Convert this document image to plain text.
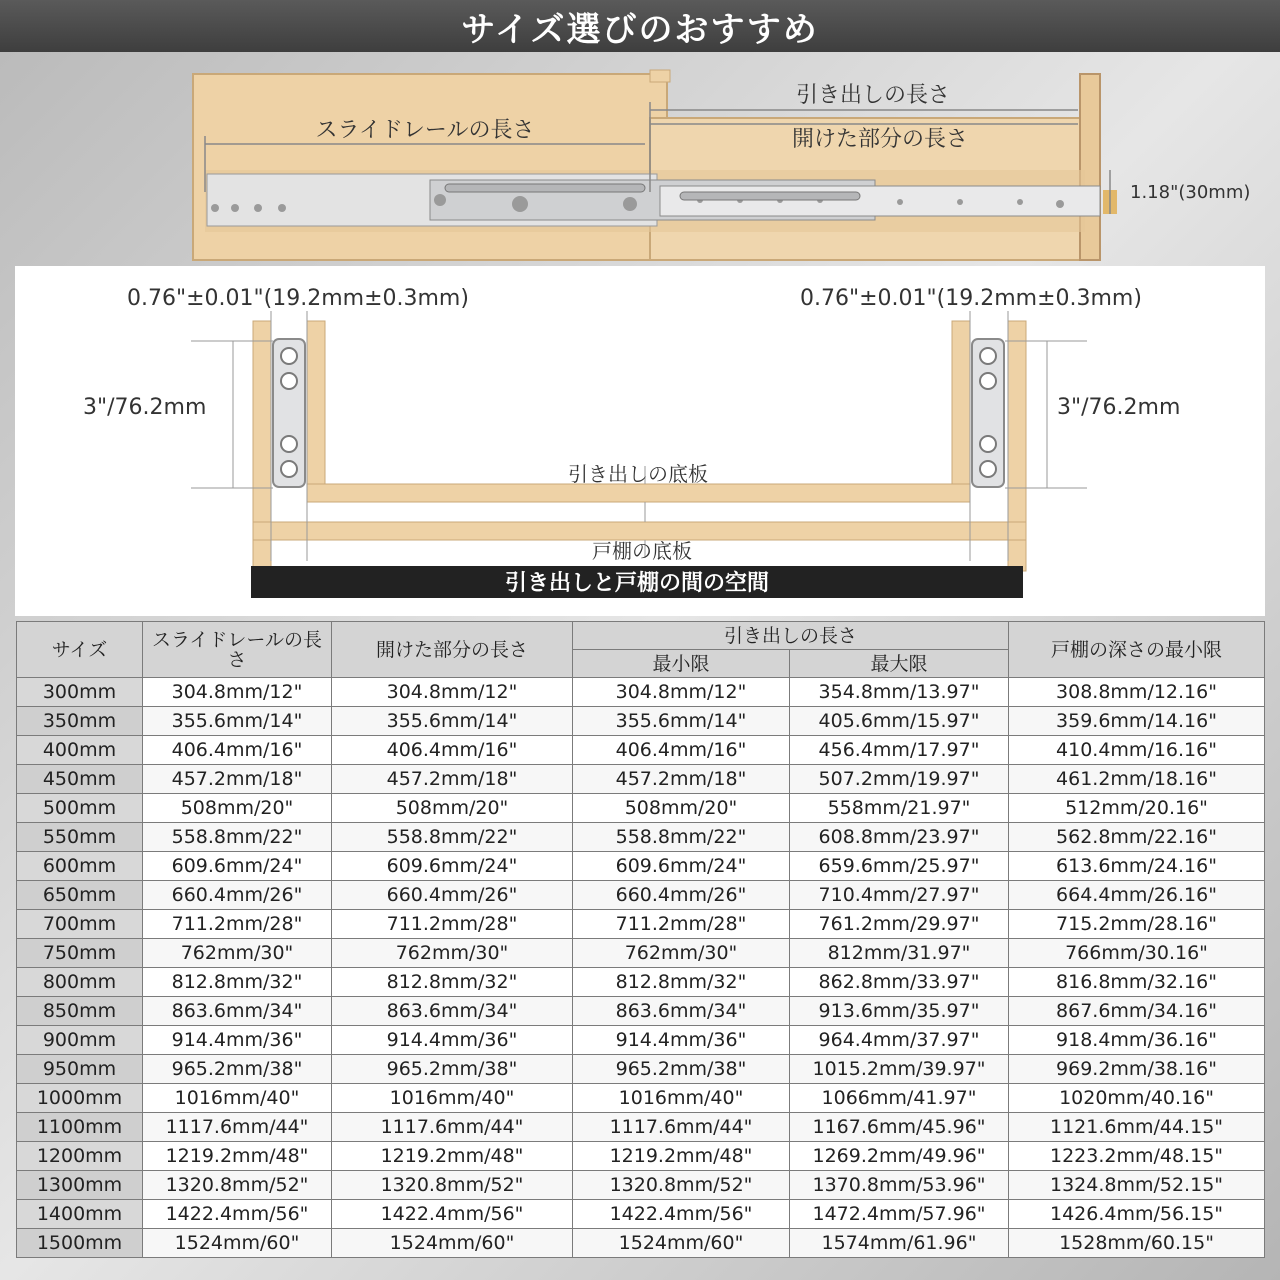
サイズ選びのおすすめ
スライドレールの長さ
引き出しの長さ
開けた部分の長さ
1.18"(30mm)
0.76"±0.01"(19.2mm±0.3mm)	0.76"±0.01"(19.2mm±0.3mm)
3"/76.2mm	3"/76.2mm
引き出しの底板
戸棚の底板
引き出しと戸棚の間の空間
サイズ	スライドレールの長さ	開けた部分の長さ	引き出しの長さ		戸棚の深さの最小限
			最小限	最大限	
300mm	304.8mm/12"	304.8mm/12"	304.8mm/12"	354.8mm/13.97"	308.8mm/12.16"
350mm	355.6mm/14"	355.6mm/14"	355.6mm/14"	405.6mm/15.97"	359.6mm/14.16"
400mm	406.4mm/16"	406.4mm/16"	406.4mm/16"	456.4mm/17.97"	410.4mm/16.16"
450mm	457.2mm/18"	457.2mm/18"	457.2mm/18"	507.2mm/19.97"	461.2mm/18.16"
500mm	508mm/20"	508mm/20"	508mm/20"	558mm/21.97"	512mm/20.16"
550mm	558.8mm/22"	558.8mm/22"	558.8mm/22"	608.8mm/23.97"	562.8mm/22.16"
600mm	609.6mm/24"	609.6mm/24"	609.6mm/24"	659.6mm/25.97"	613.6mm/24.16"
650mm	660.4mm/26"	660.4mm/26"	660.4mm/26"	710.4mm/27.97"	664.4mm/26.16"
700mm	711.2mm/28"	711.2mm/28"	711.2mm/28"	761.2mm/29.97"	715.2mm/28.16"
750mm	762mm/30"	762mm/30"	762mm/30"	812mm/31.97"	766mm/30.16"
800mm	812.8mm/32"	812.8mm/32"	812.8mm/32"	862.8mm/33.97"	816.8mm/32.16"
850mm	863.6mm/34"	863.6mm/34"	863.6mm/34"	913.6mm/35.97"	867.6mm/34.16"
900mm	914.4mm/36"	914.4mm/36"	914.4mm/36"	964.4mm/37.97"	918.4mm/36.16"
950mm	965.2mm/38"	965.2mm/38"	965.2mm/38"	1015.2mm/39.97"	969.2mm/38.16"
1000mm	1016mm/40"	1016mm/40"	1016mm/40"	1066mm/41.97"	1020mm/40.16"
1100mm	1117.6mm/44"	1117.6mm/44"	1117.6mm/44"	1167.6mm/45.96"	1121.6mm/44.15"
1200mm	1219.2mm/48"	1219.2mm/48"	1219.2mm/48"	1269.2mm/49.96"	1223.2mm/48.15"
1300mm	1320.8mm/52"	1320.8mm/52"	1320.8mm/52"	1370.8mm/53.96"	1324.8mm/52.15"
1400mm	1422.4mm/56"	1422.4mm/56"	1422.4mm/56"	1472.4mm/57.96"	1426.4mm/56.15"
1500mm	1524mm/60"	1524mm/60"	1524mm/60"	1574mm/61.96"	1528mm/60.15"
